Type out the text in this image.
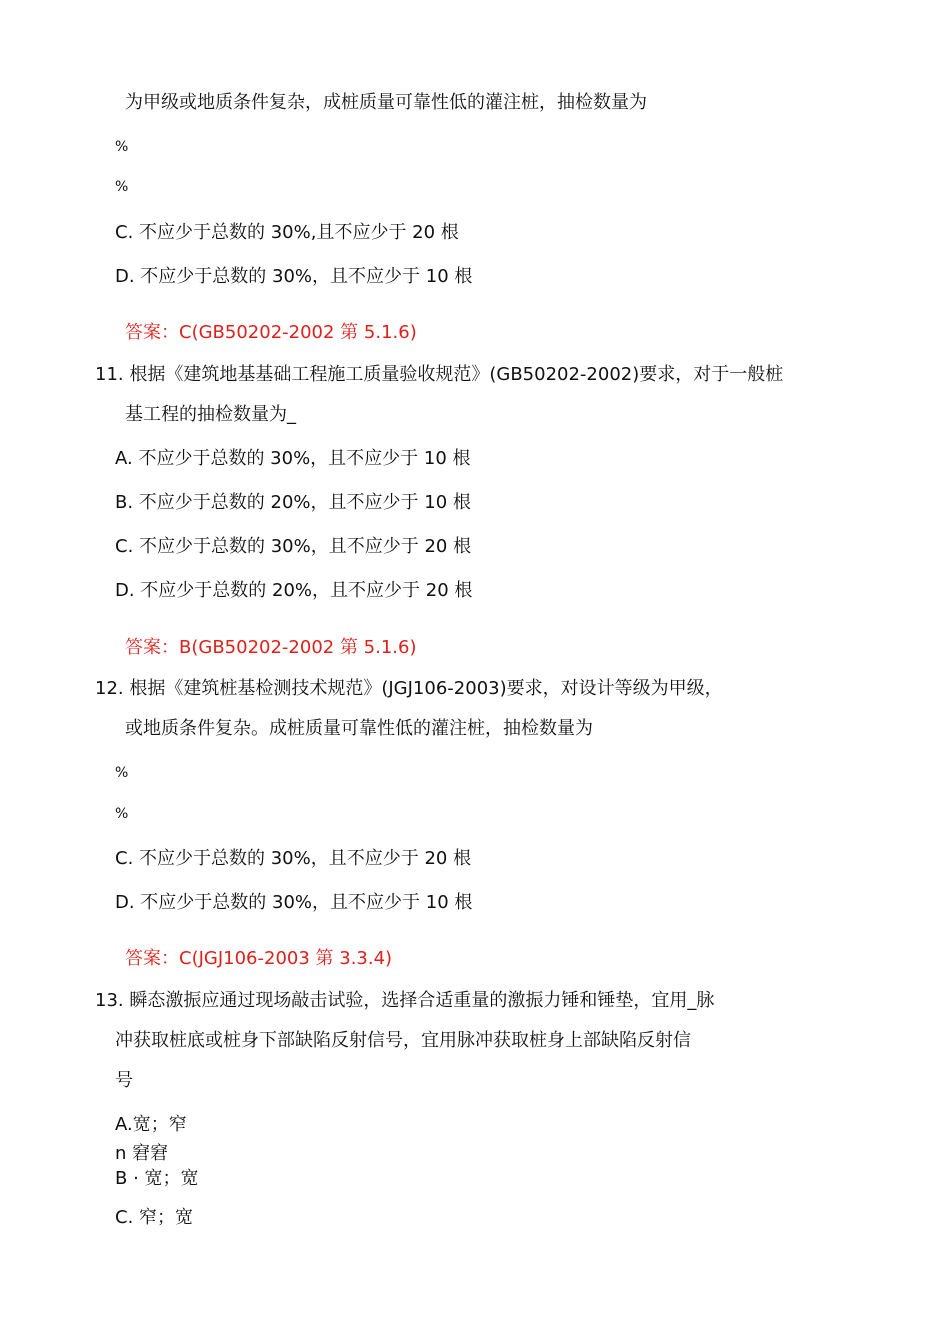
为甲级或地质条件复杂，成桩质量可靠性低的灌注桩，抽检数量为
%
%
C. 不应少于总数的 30%,且不应少于 20 根
D. 不应少于总数的 30%，且不应少于 10 根
答案：C(GB50202-2002 第 5.1.6)
11. 根据《建筑地基基础工程施工质量验收规范》(GB50202-2002)要求，对于一般桩
基工程的抽检数量为_
A. 不应少于总数的 30%，且不应少于 10 根
B. 不应少于总数的 20%，且不应少于 10 根
C. 不应少于总数的 30%，且不应少于 20 根
D. 不应少于总数的 20%，且不应少于 20 根
答案：B(GB50202-2002 第 5.1.6)
12. 根据《建筑桩基检测技术规范》(JGJ106-2003)要求，对设计等级为甲级，
或地质条件复杂。成桩质量可靠性低的灌注桩，抽检数量为
%
%
C. 不应少于总数的 30%，且不应少于 20 根
D. 不应少于总数的 30%，且不应少于 10 根
答案：C(JGJ106-2003 第 3.3.4)
13. 瞬态激振应通过现场敲击试验，选择合适重量的激振力锤和锤垫，宜用_脉
冲获取桩底或桩身下部缺陷反射信号，宜用脉冲获取桩身上部缺陷反射信
号
A.宽；窄
n 窘窘
B · 宽；宽
C. 窄；宽
